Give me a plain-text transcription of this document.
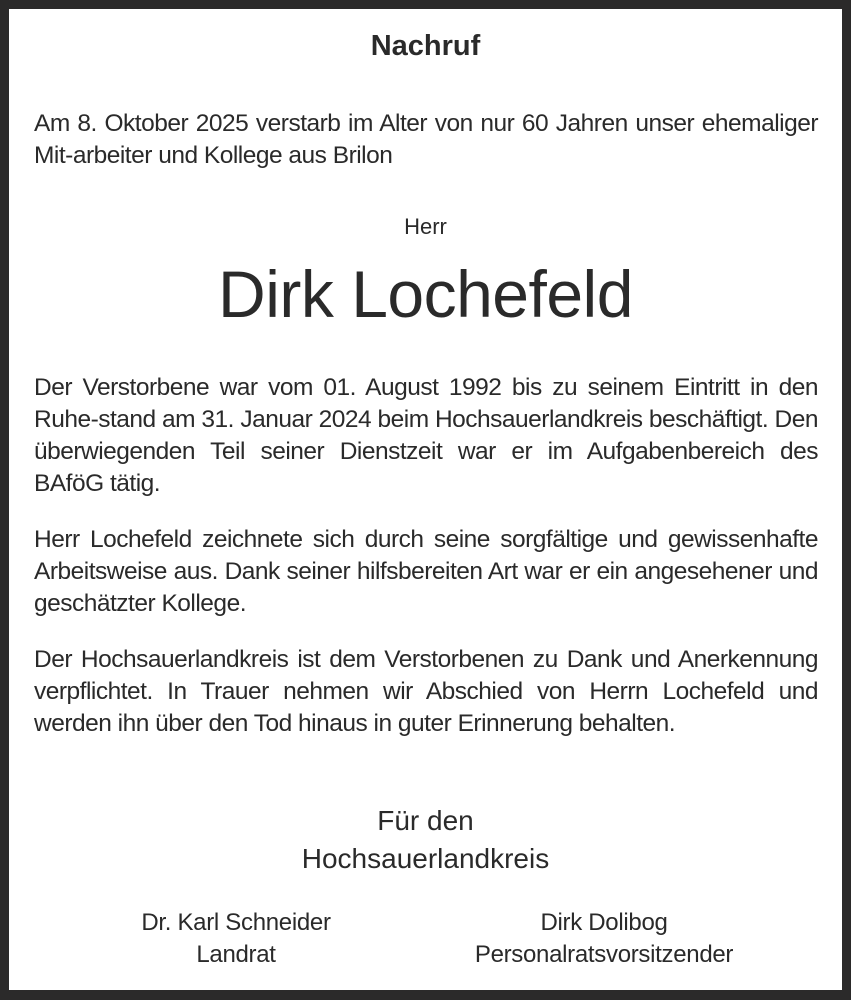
Nachruf

Am 8. Oktober 2025 verstarb im Alter von nur 60 Jahren unser ehemaliger Mit-arbeiter und Kollege aus Brilon

Herr
Dirk Lochefeld

Der Verstorbene war vom 01. August 1992 bis zu seinem Eintritt in den Ruhe-stand am 31. Januar 2024 beim Hochsauerlandkreis beschäftigt. Den überwiegenden Teil seiner Dienstzeit war er im Aufgabenbereich des BAföG tätig.

Herr Lochefeld zeichnete sich durch seine sorgfältige und gewissenhafte Arbeitsweise aus. Dank seiner hilfsbereiten Art war er ein angesehener und geschätzter Kollege.

Der Hochsauerlandkreis ist dem Verstorbenen zu Dank und Anerkennung verpflichtet. In Trauer nehmen wir Abschied von Herrn Lochefeld und werden ihn über den Tod hinaus in guter Erinnerung behalten.

Für den
Hochsauerlandkreis
Dr. Karl Schneider
Landrat
Dirk Dolibog
Personalratsvorsitzender
